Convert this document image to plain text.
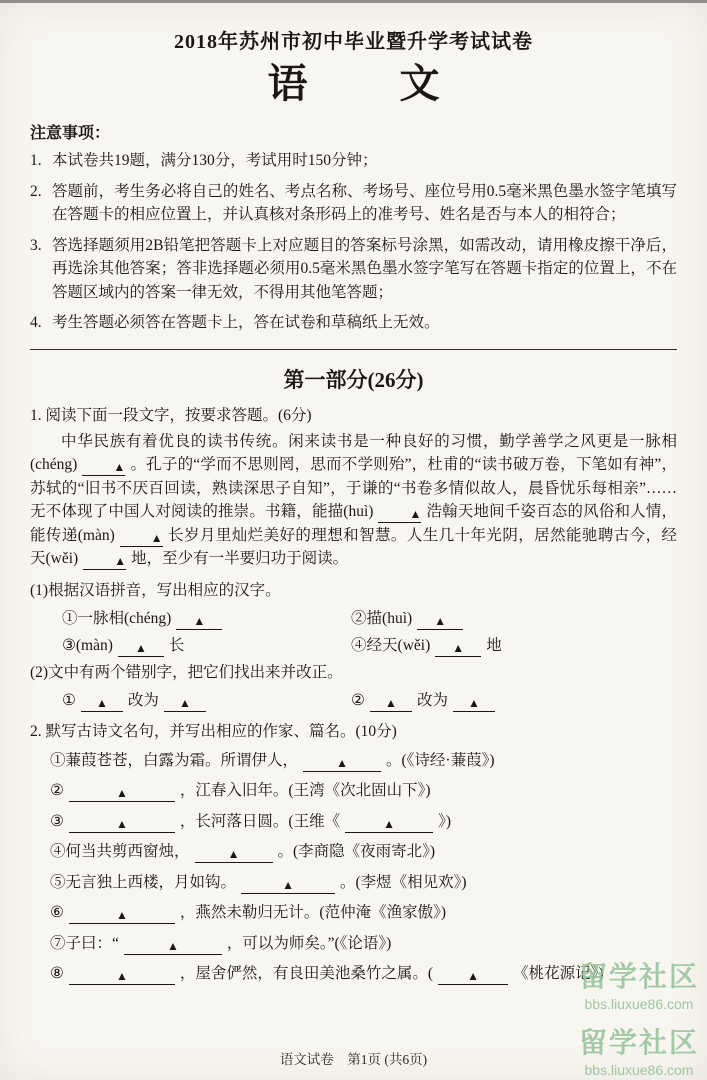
2018年苏州市初中毕业暨升学考试试卷
语文
注意事项：
1. 本试卷共19题，满分130分，考试用时150分钟；
2. 答题前，考生务必将自己的姓名、考点名称、考场号、座位号用0.5毫米黑色墨水签字笔填写在答题卡的相应位置上，并认真核对条形码上的准考号、姓名是否与本人的相符合；
3. 答选择题须用2B铅笔把答题卡上对应题目的答案标号涂黑，如需改动，请用橡皮擦干净后，再选涂其他答案；答非选择题必须用0.5毫米黑色墨水签字笔写在答题卡指定的位置上，不在答题区域内的答案一律无效，不得用其他笔答题；
4. 考生答题必须答在答题卡上，答在试卷和草稿纸上无效。
第一部分(26分)
1. 阅读下面一段文字，按要求答题。(6分)

中华民族有着优良的读书传统。闲来读书是一种良好的习惯，勤学善学之风更是一脉相(chéng)	▲ 。孔子的“学而不思则罔，思而不学则殆”，杜甫的“读书破万卷，下笔如有神”，苏轼的“旧书不厌百回读，熟读深思子自知”，于谦的“书卷多情似故人，晨昏忧乐每相亲”……无不体现了中国人对阅读的推崇。书籍，能描(huì)	▲ 浩翰天地间千姿百态的风俗和人情，能传递(màn)	▲ 长岁月里灿烂美好的理想和智慧。人生几十年光阴，居然能驰聘古今，经天(wěi)	▲ 地，至少有一半要归功于阅读。

(1)根据汉语拼音，写出相应的汉字。
①一脉相(chéng) ▲	②描(huì) ▲
③(màn) ▲ 长	④经天(wěi) ▲ 地
(2)文中有两个错别字，把它们找出来并改正。
① ▲ 改为 ▲	② ▲ 改为 ▲
2. 默写古诗文名句，并写出相应的作家、篇名。(10分)
①蒹葭苍苍，白露为霜。所谓伊人，	▲ 。(《诗经·蒹葭》)
②	▲	，江春入旧年。(王湾《次北固山下》)
③	▲	，长河落日圆。(王维《	▲	》)
④何当共剪西窗烛，	▲ 。(李商隐《夜雨寄北》)
⑤无言独上西楼，月如钩。	▲	。(李煜《相见欢》)
⑥	▲	，燕然未勒归无计。(范仲淹《渔家傲》)
⑦子曰：“	▲	，可以为师矣。”(《论语》)
⑧	▲	，屋舍俨然，有良田美池桑竹之属。(	▲ 《桃花源记》)
语文试卷　第1页 (共6页)
留学社区
bbs.liuxue86.com
留学社区
bbs.liuxue86.com
